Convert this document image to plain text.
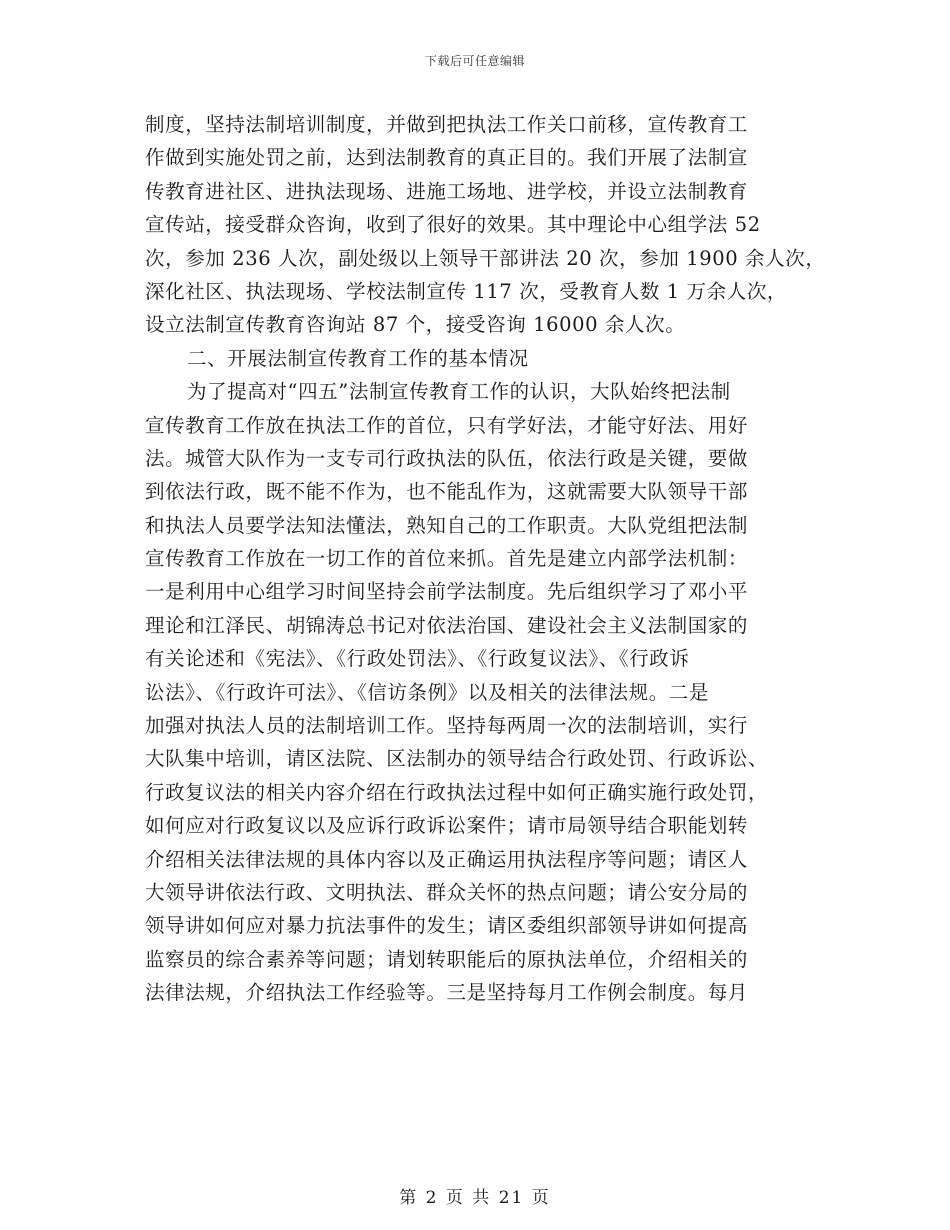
下载后可任意编辑
制度，坚持法制培训制度，并做到把执法工作关口前移，宣传教育工
作做到实施处罚之前，达到法制教育的真正目的。我们开展了法制宣
传教育进社区、进执法现场、进施工场地、进学校，并设立法制教育
宣传站，接受群众咨询，收到了很好的效果。其中理论中心组学法 52
次，参加 236 人次，副处级以上领导干部讲法 20 次，参加 1900 余人次，
深化社区、执法现场、学校法制宣传 117 次，受教育人数 1 万余人次，
设立法制宣传教育咨询站 87 个，接受咨询 16000 余人次。
二、开展法制宣传教育工作的基本情况
为了提高对“四五”法制宣传教育工作的认识，大队始终把法制
宣传教育工作放在执法工作的首位，只有学好法，才能守好法、用好
法。城管大队作为一支专司行政执法的队伍，依法行政是关键，要做
到依法行政，既不能不作为，也不能乱作为，这就需要大队领导干部
和执法人员要学法知法懂法，熟知自己的工作职责。大队党组把法制
宣传教育工作放在一切工作的首位来抓。首先是建立内部学法机制：
一是利用中心组学习时间坚持会前学法制度。先后组织学习了邓小平
理论和江泽民、胡锦涛总书记对依法治国、建设社会主义法制国家的
有关论述和《宪法》、《行政处罚法》、《行政复议法》、《行政诉
讼法》、《行政许可法》、《信访条例》以及相关的法律法规。二是
加强对执法人员的法制培训工作。坚持每两周一次的法制培训，实行
大队集中培训，请区法院、区法制办的领导结合行政处罚、行政诉讼、
行政复议法的相关内容介绍在行政执法过程中如何正确实施行政处罚，
如何应对行政复议以及应诉行政诉讼案件；请市局领导结合职能划转
介绍相关法律法规的具体内容以及正确运用执法程序等问题；请区人
大领导讲依法行政、文明执法、群众关怀的热点问题；请公安分局的
领导讲如何应对暴力抗法事件的发生；请区委组织部领导讲如何提高
监察员的综合素养等问题；请划转职能后的原执法单位，介绍相关的
法律法规，介绍执法工作经验等。三是坚持每月工作例会制度。每月
第 2 页 共 21 页
